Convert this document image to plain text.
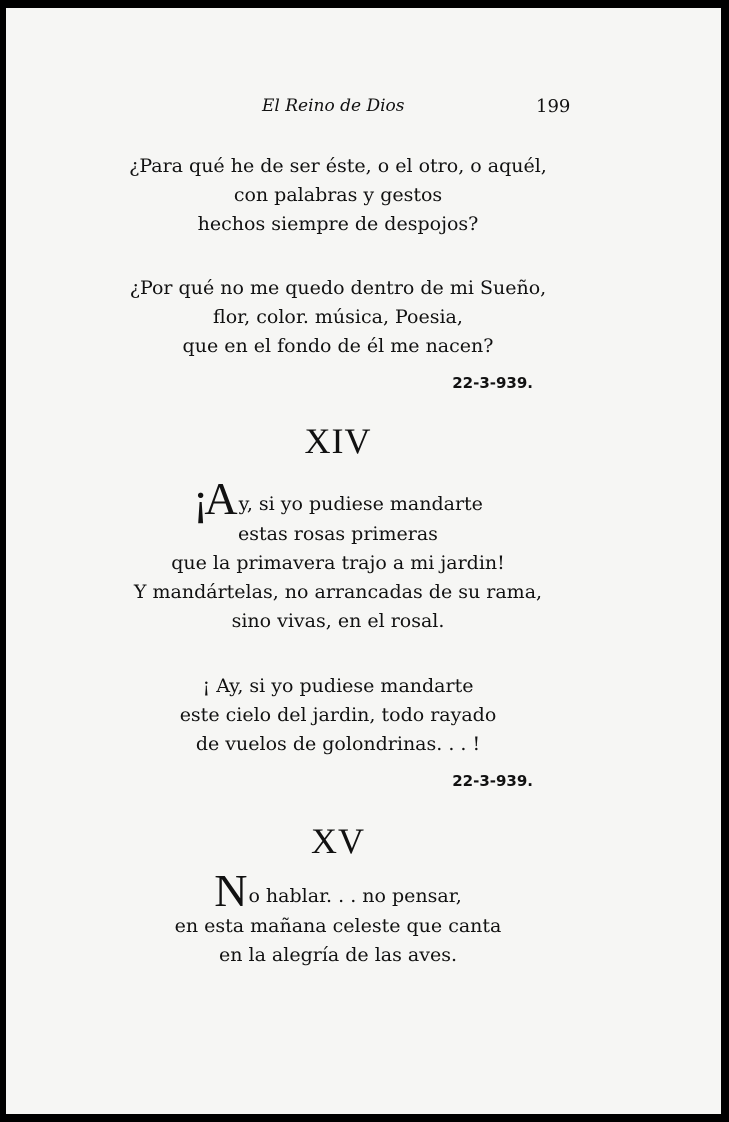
El Reino de Dios	199
¿Para qué he de ser éste, o el otro, o aquél,
con palabras y gestos
hechos siempre de despojos?
¿Por qué no me quedo dentro de mi Sueño,
flor, color. música, Poesia,
que en el fondo de él me nacen?
22-3-939.
XIV
¡Ay, si yo pudiese mandarte
estas rosas primeras
que la primavera trajo a mi jardin!
Y mandártelas, no arrancadas de su rama,
sino vivas, en el rosal.
¡ Ay, si yo pudiese mandarte
este cielo del jardin, todo rayado
de vuelos de golondrinas. . . !
22-3-939.
XV
No hablar. . . no pensar,
en esta mañana celeste que canta
en la alegría de las aves.
